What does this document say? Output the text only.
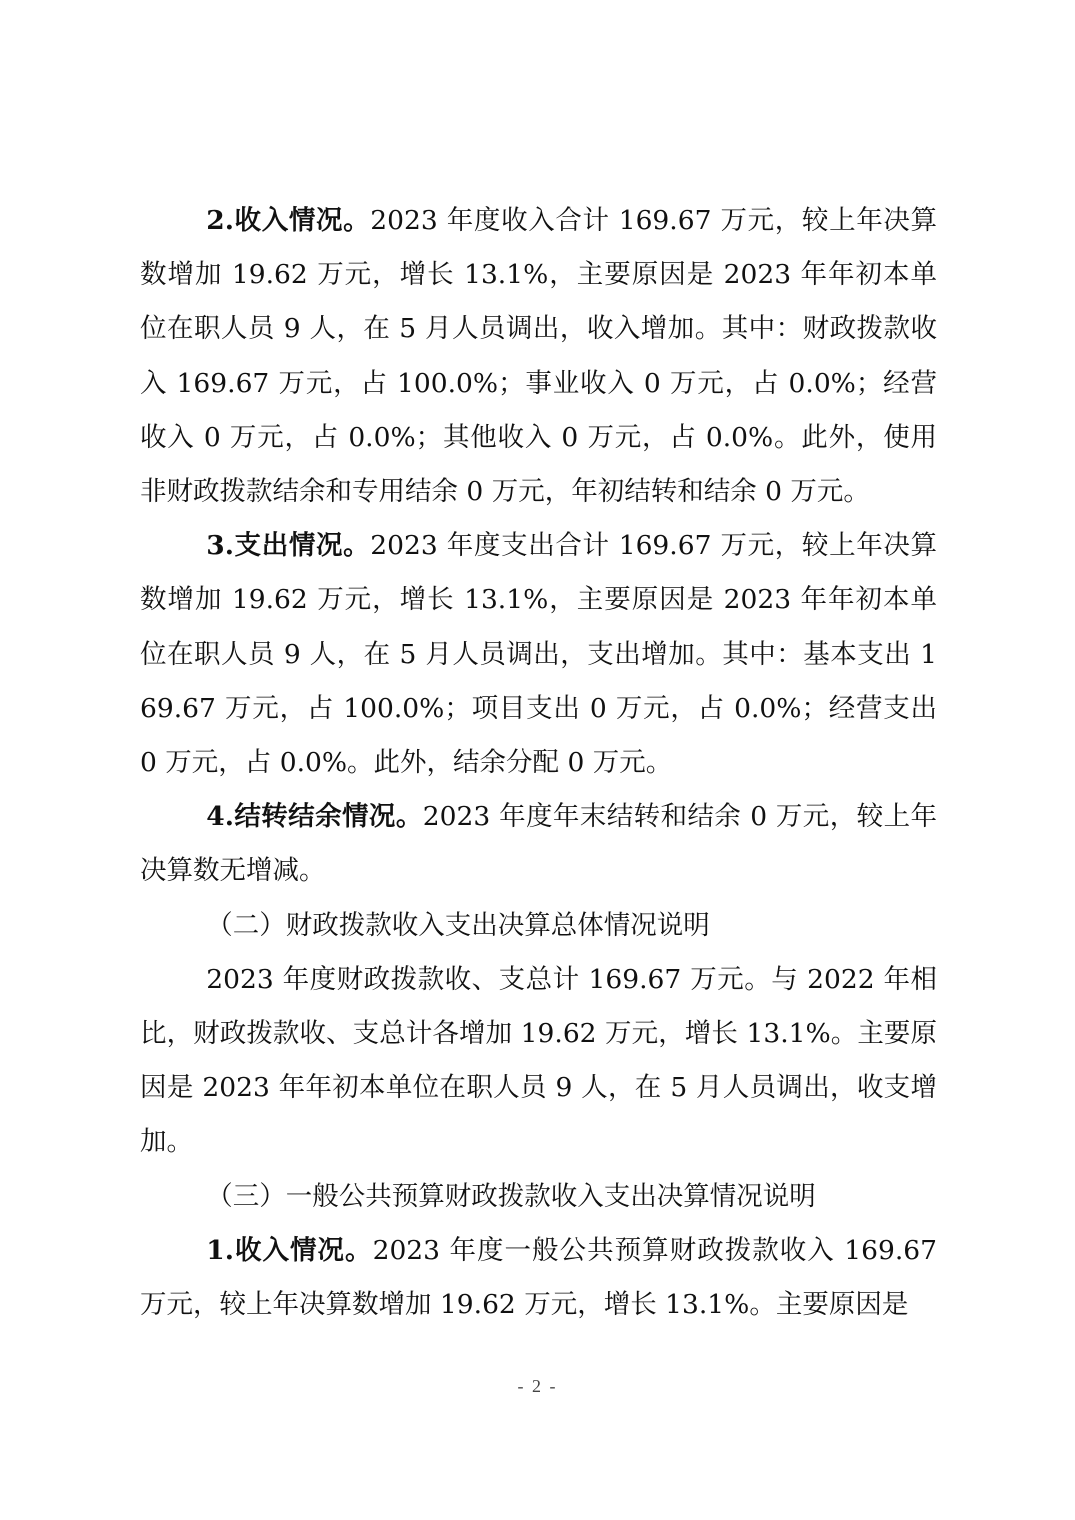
2.收入情况。2023 年度收入合计 169.67 万元，较上年决算数增加 19.62 万元，增长 13.1%，主要原因是 2023 年年初本单位在职人员 9 人，在 5 月人员调出，收入增加。其中：财政拨款收入 169.67 万元，占 100.0%；事业收入 0 万元，占 0.0%；经营收入 0 万元，占 0.0%；其他收入 0 万元，占 0.0%。此外，使用非财政拨款结余和专用结余 0 万元，年初结转和结余 0 万元。

3.支出情况。2023 年度支出合计 169.67 万元，较上年决算数增加 19.62 万元，增长 13.1%，主要原因是 2023 年年初本单位在职人员 9 人，在 5 月人员调出，支出增加。其中：基本支出 169.67 万元，占 100.0%；项目支出 0 万元，占 0.0%；经营支出 0 万元，占 0.0%。此外，结余分配 0 万元。

4.结转结余情况。2023 年度年末结转和结余 0 万元，较上年决算数无增减。

（二）财政拨款收入支出决算总体情况说明

2023 年度财政拨款收、支总计 169.67 万元。与 2022 年相比，财政拨款收、支总计各增加 19.62 万元，增长 13.1%。主要原因是 2023 年年初本单位在职人员 9 人，在 5 月人员调出，收支增加。

（三）一般公共预算财政拨款收入支出决算情况说明

1.收入情况。2023 年度一般公共预算财政拨款收入 169.67 万元，较上年决算数增加 19.62 万元，增长 13.1%。主要原因是

- 2 -
